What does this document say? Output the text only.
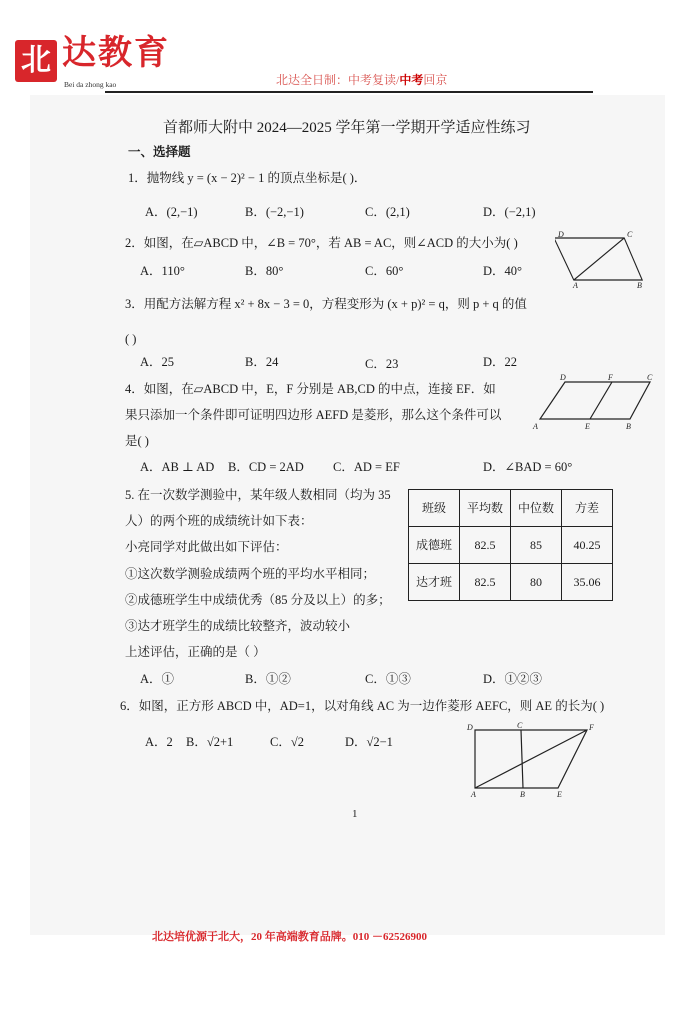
北 达教育
Bei da zhong kao	北达全日制：中考复读/中考回京
首都师大附中 2024—2025 学年第一学期开学适应性练习
一、选择题
1．抛物线 y = (x − 2)² − 1 的顶点坐标是( )．
A．(2,−1)	B．(−2,−1)	C．(2,1)	D．(−2,1)
2．如图，在▱ABCD 中，∠B = 70°，若 AB = AC，则∠ACD 的大小为( )
A．110°	B．80°	C．60°	D．40°
D	C
A	B
3．用配方法解方程 x² + 8x − 3 = 0，方程变形为 (x + p)² = q，则 p + q 的值
( )
A．25	B．24	C．23	D．22
4．如图，在▱ABCD 中，E，F 分别是 AB,CD 的中点，连接 EF．如
果只添加一个条件即可证明四边形 AEFD 是菱形，那么这个条件可以
是( )
A．AB ⊥ AD B．CD = 2AD C．AD = EF	D．∠BAD = 60°
D	F	C
A	E	B
5. 在一次数学测验中，某年级人数相同（均为 35
人）的两个班的成绩统计如下表：
小亮同学对此做出如下评估：
①这次数学测验成绩两个班的平均水平相同；
②成德班学生中成绩优秀（85 分及以上）的多；
③达才班学生的成绩比较整齐，波动较小
上述评估，正确的是（ ）
A．①	B．①②	C．①③	D．①②③
班级	平均数	中位数	方差
成德班	82.5	85	40.25
达才班	82.5	80	35.06
6．如图，正方形 ABCD 中，AD=1，以对角线 AC 为一边作菱形 AEFC，则 AE 的长为( )
A．2 B．√2+1	C．√2	D．√2−1
D	C	F
A	B	E
1
北达培优源于北大，20 年高端教育品牌。010 －62526900
